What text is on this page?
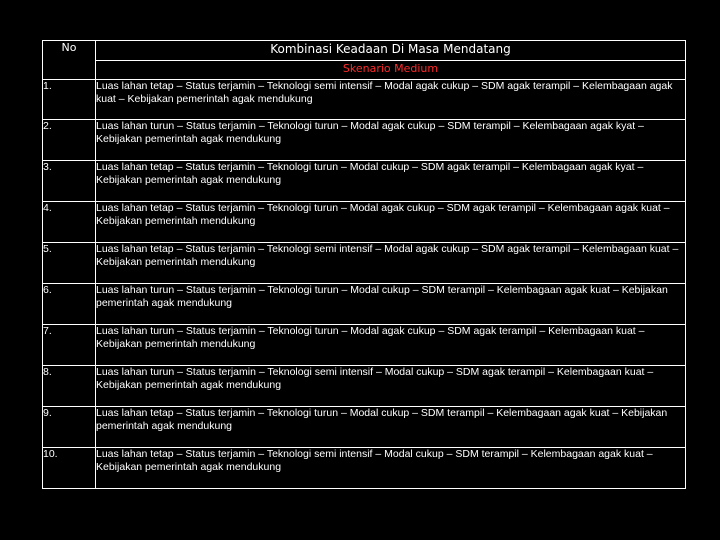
No	Kombinasi Keadaan Di Masa Mendatang
	Skenario Medium
1.	Luas lahan tetap – Status terjamin – Teknologi semi intensif – Modal agak cukup – SDM agak terampil – Kelembagaan agak kuat – Kebijakan pemerintah agak mendukung
2.	Luas lahan turun – Status terjamin – Teknologi turun – Modal agak cukup – SDM terampil – Kelembagaan agak kyat – Kebijakan pemerintah agak mendukung
3.	Luas lahan tetap – Status terjamin – Teknologi turun – Modal cukup – SDM agak terampil – Kelembagaan agak kyat – Kebijakan pemerintah agak mendukung
4.	Luas lahan tetap – Status terjamin – Teknologi turun – Modal agak cukup – SDM agak terampil – Kelembagaan agak kuat – Kebijakan pemerintah mendukung
5.	Luas lahan tetap – Status terjamin – Teknologi semi intensif – Modal agak cukup – SDM agak terampil – Kelembagaan kuat – Kebijakan pemerintah mendukung
6.	Luas lahan turun – Status terjamin – Teknologi turun – Modal cukup – SDM terampil – Kelembagaan agak kuat – Kebijakan pemerintah agak mendukung
7.	Luas lahan turun – Status terjamin – Teknologi turun – Modal agak cukup – SDM agak terampil – Kelembagaan kuat – Kebijakan pemerintah mendukung
8.	Luas lahan turun – Status terjamin – Teknologi semi intensif – Modal cukup – SDM agak terampil – Kelembagaan kuat – Kebijakan pemerintah agak mendukung
9.	Luas lahan tetap – Status terjamin – Teknologi turun – Modal cukup – SDM terampil – Kelembagaan agak kuat – Kebijakan pemerintah agak mendukung
10.	Luas lahan tetap – Status terjamin – Teknologi semi intensif – Modal cukup – SDM terampil – Kelembagaan agak kuat – Kebijakan pemerintah agak mendukung
